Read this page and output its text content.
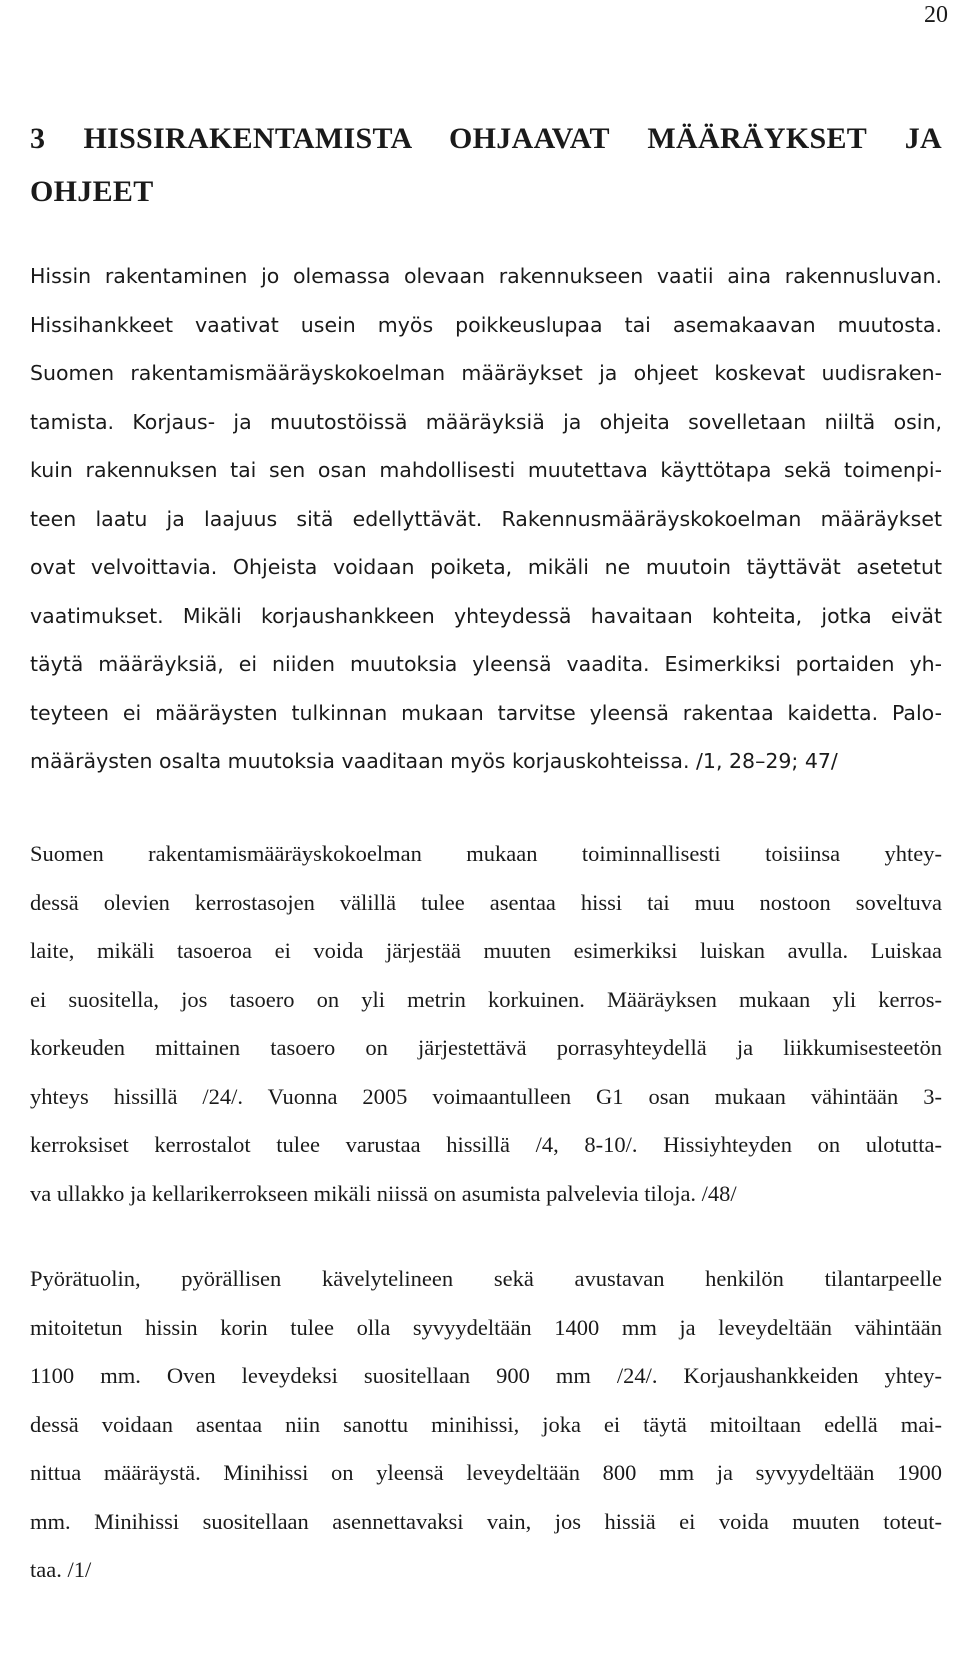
20
3 HISSIRAKENTAMISTA OHJAAVAT MÄÄRÄYKSET JA
OHJEET
Hissin rakentaminen jo olemassa olevaan rakennukseen vaatii aina rakennusluvan.
Hissihankkeet vaativat usein myös poikkeuslupaa tai asemakaavan muutosta.
Suomen rakentamismääräyskokoelman määräykset ja ohjeet koskevat uudisraken-
tamista. Korjaus- ja muutostöissä määräyksiä ja ohjeita sovelletaan niiltä osin,
kuin rakennuksen tai sen osan mahdollisesti muutettava käyttötapa sekä toimenpi-
teen laatu ja laajuus sitä edellyttävät. Rakennusmääräyskokoelman määräykset
ovat velvoittavia. Ohjeista voidaan poiketa, mikäli ne muutoin täyttävät asetetut
vaatimukset. Mikäli korjaushankkeen yhteydessä havaitaan kohteita, jotka eivät
täytä määräyksiä, ei niiden muutoksia yleensä vaadita. Esimerkiksi portaiden yh-
teyteen ei määräysten tulkinnan mukaan tarvitse yleensä rakentaa kaidetta. Palo-
määräysten osalta muutoksia vaaditaan myös korjauskohteissa. /1, 28–29; 47/
Suomen rakentamismääräyskokoelman mukaan toiminnallisesti toisiinsa yhtey-
dessä olevien kerrostasojen välillä tulee asentaa hissi tai muu nostoon soveltuva
laite, mikäli tasoeroa ei voida järjestää muuten esimerkiksi luiskan avulla. Luiskaa
ei suositella, jos tasoero on yli metrin korkuinen. Määräyksen mukaan yli kerros-
korkeuden mittainen tasoero on järjestettävä porrasyhteydellä ja liikkumisesteetön
yhteys hissillä /24/. Vuonna 2005 voimaantulleen G1 osan mukaan vähintään 3-
kerroksiset kerrostalot tulee varustaa hissillä /4, 8-10/. Hissiyhteyden on ulotutta-
va ullakko ja kellarikerrokseen mikäli niissä on asumista palvelevia tiloja. /48/
Pyörätuolin, pyörällisen kävelytelineen sekä avustavan henkilön tilantarpeelle
mitoitetun hissin korin tulee olla syvyydeltään 1400 mm ja leveydeltään vähintään
1100 mm. Oven leveydeksi suositellaan 900 mm /24/. Korjaushankkeiden yhtey-
dessä voidaan asentaa niin sanottu minihissi, joka ei täytä mitoiltaan edellä mai-
nittua määräystä. Minihissi on yleensä leveydeltään 800 mm ja syvyydeltään 1900
mm. Minihissi suositellaan asennettavaksi vain, jos hissiä ei voida muuten toteut-
taa. /1/
